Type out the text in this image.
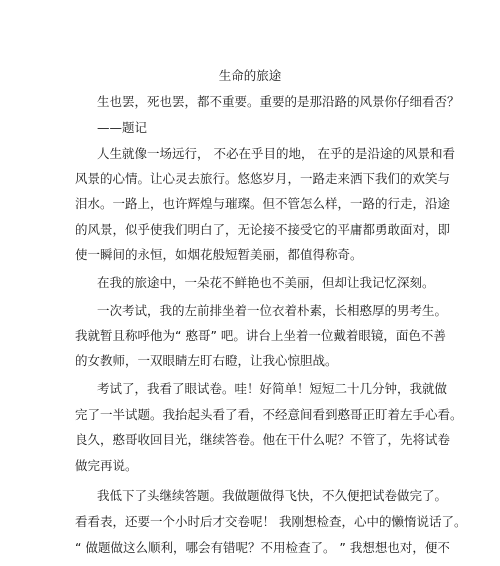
生命的旅途
生也罢，死也罢，都不重要。重要的是那沿路的风景你仔细看否？
——题记
人生就像一场远行， 不必在乎目的地， 在乎的是沿途的风景和看
风景的心情。让心灵去旅行。悠悠岁月，一路走来洒下我们的欢笑与
泪水。一路上，也许辉煌与璀璨。但不管怎么样，一路的行走，沿途
的风景，似乎使我们明白了，无论接不接受它的平庸都勇敢面对，即
使一瞬间的永恒，如烟花般短暂美丽，都值得称奇。
在我的旅途中，一朵花不鲜艳也不美丽，但却让我记忆深刻。
一次考试，我的左前排坐着一位衣着朴素，长相憨厚的男考生。
我就暂且称呼他为“ 憨哥” 吧。讲台上坐着一位戴着眼镜，面色不善
的女教师，一双眼睛左盯右瞪，让我心惊胆战。
考试了，我看了眼试卷。哇！好简单！短短二十几分钟，我就做
完了一半试题。我抬起头看了看，不经意间看到憨哥正盯着左手心看。
良久，憨哥收回目光，继续答卷。他在干什么呢？不管了，先将试卷
做完再说。
我低下了头继续答题。我做题做得飞快，不久便把试卷做完了。
看看表，还要一个小时后才交卷呢！ 我刚想检查，心中的懒惰说话了。
“ 做题做这么顺利，哪会有错呢？不用检查了。 ” 我想想也对，便不
